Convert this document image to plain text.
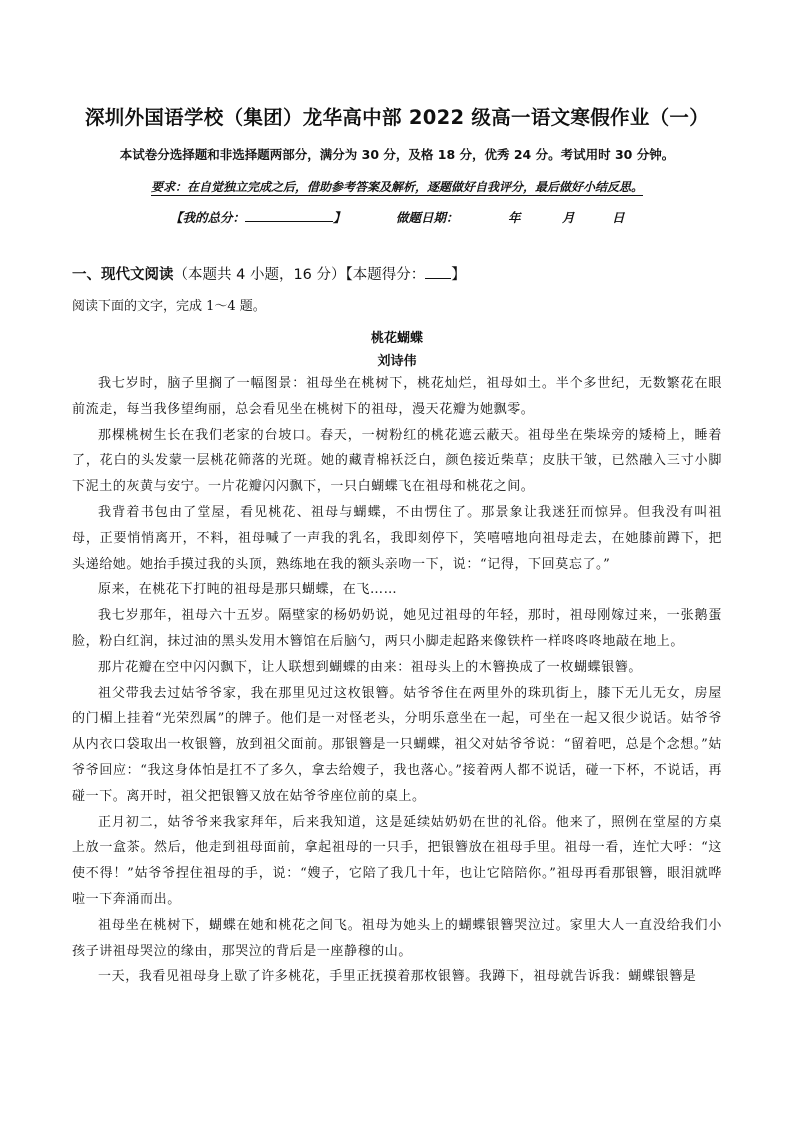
深圳外国语学校（集团）龙华高中部 2022 级高一语文寒假作业（一）
本试卷分选择题和非选择题两部分，满分为 30 分，及格 18 分，优秀 24 分。考试用时 30 分钟。
要求：在自觉独立完成之后，借助参考答案及解析，逐题做好自我评分，最后做好小结反思。
【我的总分：	】	做题日期：	年	月	日
一、现代文阅读（本题共 4 小题，16 分）【本题得分： 】
阅读下面的文字，完成 1～4 题。
桃花蝴蝶
刘诗伟

我七岁时，脑子里搁了一幅图景：祖母坐在桃树下，桃花灿烂，祖母如土。半个多世纪，无数繁花在眼前流走，每当我侈望绚丽，总会看见坐在桃树下的祖母，漫天花瓣为她飘零。

那棵桃树生长在我们老家的台坡口。春天，一树粉红的桃花遮云蔽天。祖母坐在柴垛旁的矮椅上，睡着了，花白的头发蒙一层桃花筛落的光斑。她的藏青棉袄泛白，颜色接近柴草；皮肤干皱，已然融入三寸小脚下泥土的灰黄与安宁。一片花瓣闪闪飘下，一只白蝴蝶飞在祖母和桃花之间。

我背着书包由了堂屋，看见桃花、祖母与蝴蝶，不由愣住了。那景象让我迷狂而惊异。但我没有叫祖母，正要悄悄离开，不料，祖母喊了一声我的乳名，我即刻停下，笑嘻嘻地向祖母走去，在她膝前蹲下，把头递给她。她抬手摸过我的头顶，熟练地在我的额头亲吻一下，说：“记得，下回莫忘了。”

原来，在桃花下打盹的祖母是那只蝴蝶，在飞……

我七岁那年，祖母六十五岁。隔壁家的杨奶奶说，她见过祖母的年轻，那时，祖母刚嫁过来，一张鹅蛋脸，粉白红润，抹过油的黑头发用木簪馆在后脑勺，两只小脚走起路来像铁杵一样咚咚咚地敲在地上。

那片花瓣在空中闪闪飘下，让人联想到蝴蝶的由来：祖母头上的木簪换成了一枚蝴蝶银簪。

祖父带我去过姑爷爷家，我在那里见过这枚银簪。姑爷爷住在两里外的珠玑街上，膝下无儿无女，房屋的门楣上挂着“光荣烈属”的牌子。他们是一对怪老头，分明乐意坐在一起，可坐在一起又很少说话。姑爷爷从内衣口袋取出一枚银簪，放到祖父面前。那银簪是一只蝴蝶，祖父对姑爷爷说：“留着吧，总是个念想。”姑爷爷回应：“我这身体怕是扛不了多久，拿去给嫂子，我也落心。”接着两人都不说话，碰一下杯，不说话，再碰一下。离开时，祖父把银簪又放在姑爷爷座位前的桌上。

正月初二，姑爷爷来我家拜年，后来我知道，这是延续姑奶奶在世的礼俗。他来了，照例在堂屋的方桌上放一盒茶。然后，他走到祖母面前，拿起祖母的一只手，把银簪放在祖母手里。祖母一看，连忙大呼：“这使不得！”姑爷爷捏住祖母的手，说：“嫂子，它陪了我几十年，也让它陪陪你。”祖母再看那银簪，眼泪就哗啦一下奔涌而出。

祖母坐在桃树下，蝴蝶在她和桃花之间飞。祖母为她头上的蝴蝶银簪哭泣过。家里大人一直没给我们小孩子讲祖母哭泣的缘由，那哭泣的背后是一座静穆的山。

一天，我看见祖母身上歇了许多桃花，手里正抚摸着那枚银簪。我蹲下，祖母就告诉我：蝴蝶银簪是
